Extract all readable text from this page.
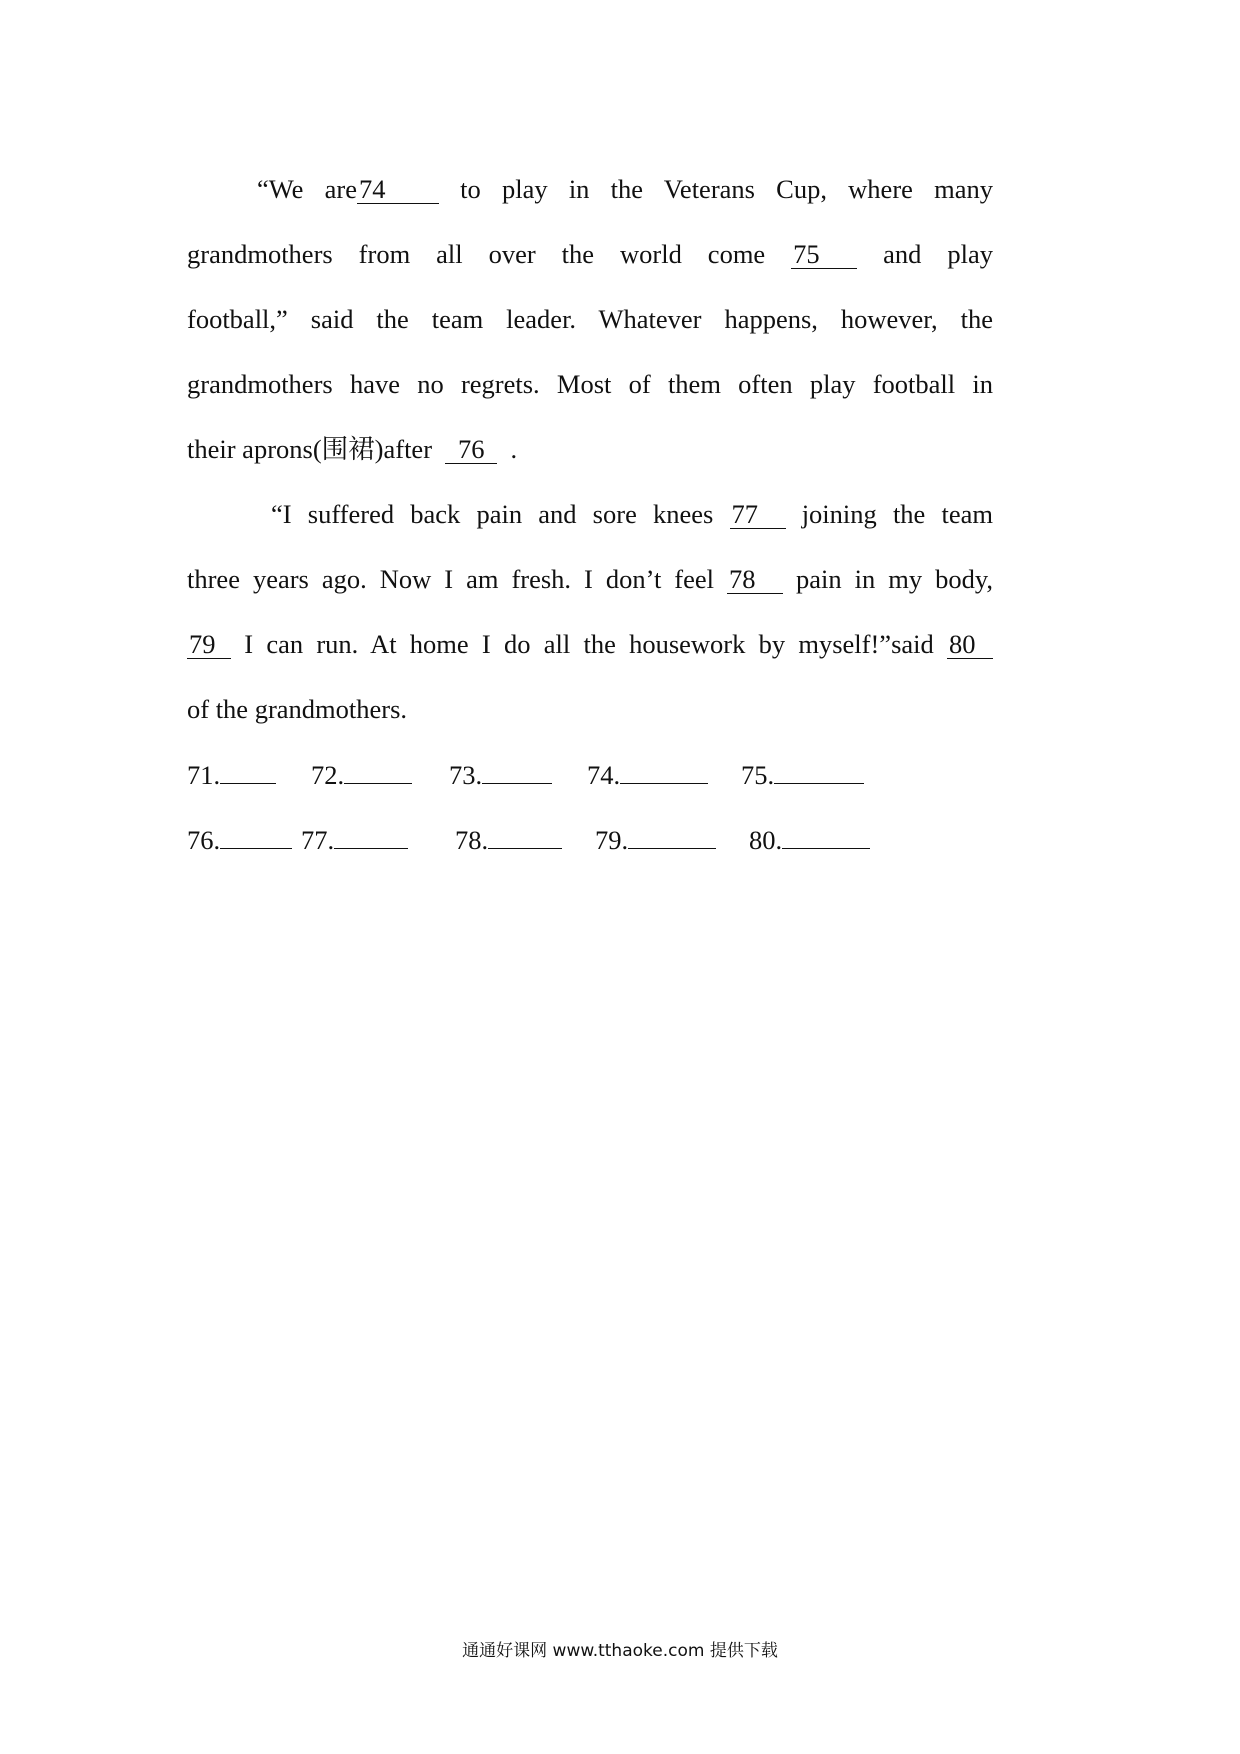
“We are74	to play in the Veterans Cup, where many
grandmothers from all over the world come 75 and play
football,” said the team leader. Whatever happens, however, the
grandmothers have no regrets. Most of them often play football in
their aprons(围裙)after 76 .
“I suffered back pain and sore knees 77 joining the team
three years ago. Now I am fresh. I don’t feel 78 pain in my body,
79 I can run. At home I do all the housework by myself!”said 80
of the grandmothers.
71.	72.	73.	74.	75.
76.	77.	78.	79.	80.
通通好课网 www.tthaoke.com 提供下载
